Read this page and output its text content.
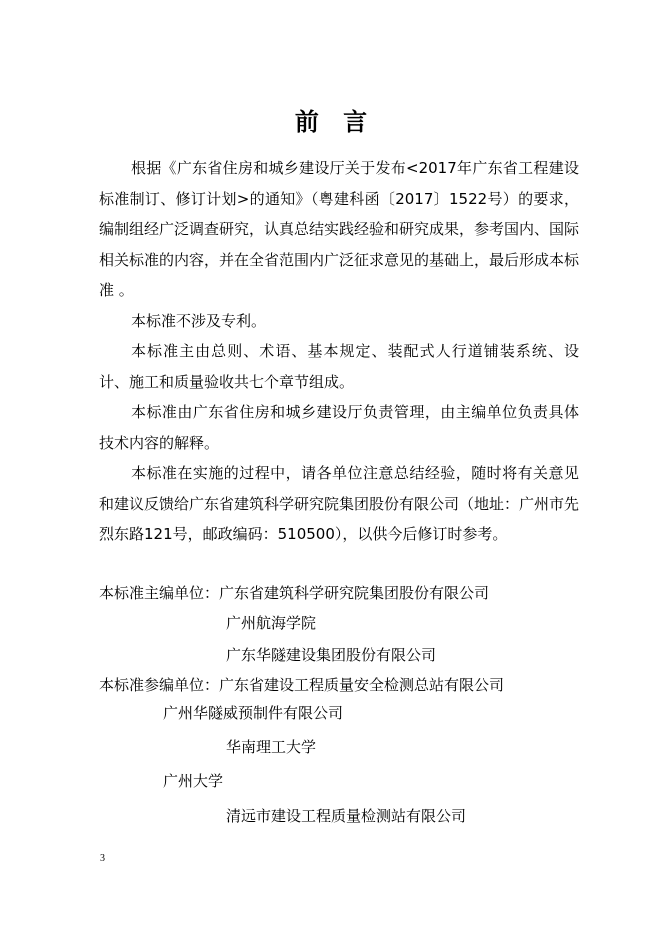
前 言

根据《广东省住房和城乡建设厅关于发布<2017年广东省工程建设标准制订、修订计划>的通知》（粤建科函〔2017〕1522号）的要求，编制组经广泛调查研究，认真总结实践经验和研究成果，参考国内、国际相关标准的内容，并在全省范围内广泛征求意见的基础上，最后形成本标准 。

本标准不涉及专利。

本标准主由总则、术语、基本规定、装配式人行道铺装系统、设计、施工和质量验收共七个章节组成。

本标准由广东省住房和城乡建设厅负责管理，由主编单位负责具体技术内容的解释。

本标准在实施的过程中，请各单位注意总结经验，随时将有关意见和建议反馈给广东省建筑科学研究院集团股份有限公司（地址：广州市先烈东路121号，邮政编码：510500），以供今后修订时参考。

本标准主编单位：广东省建筑科学研究院集团股份有限公司
广州航海学院
广东华隧建设集团股份有限公司
本标准参编单位：广东省建设工程质量安全检测总站有限公司
广州华隧威预制件有限公司
华南理工大学
广州大学
清远市建设工程质量检测站有限公司
3
